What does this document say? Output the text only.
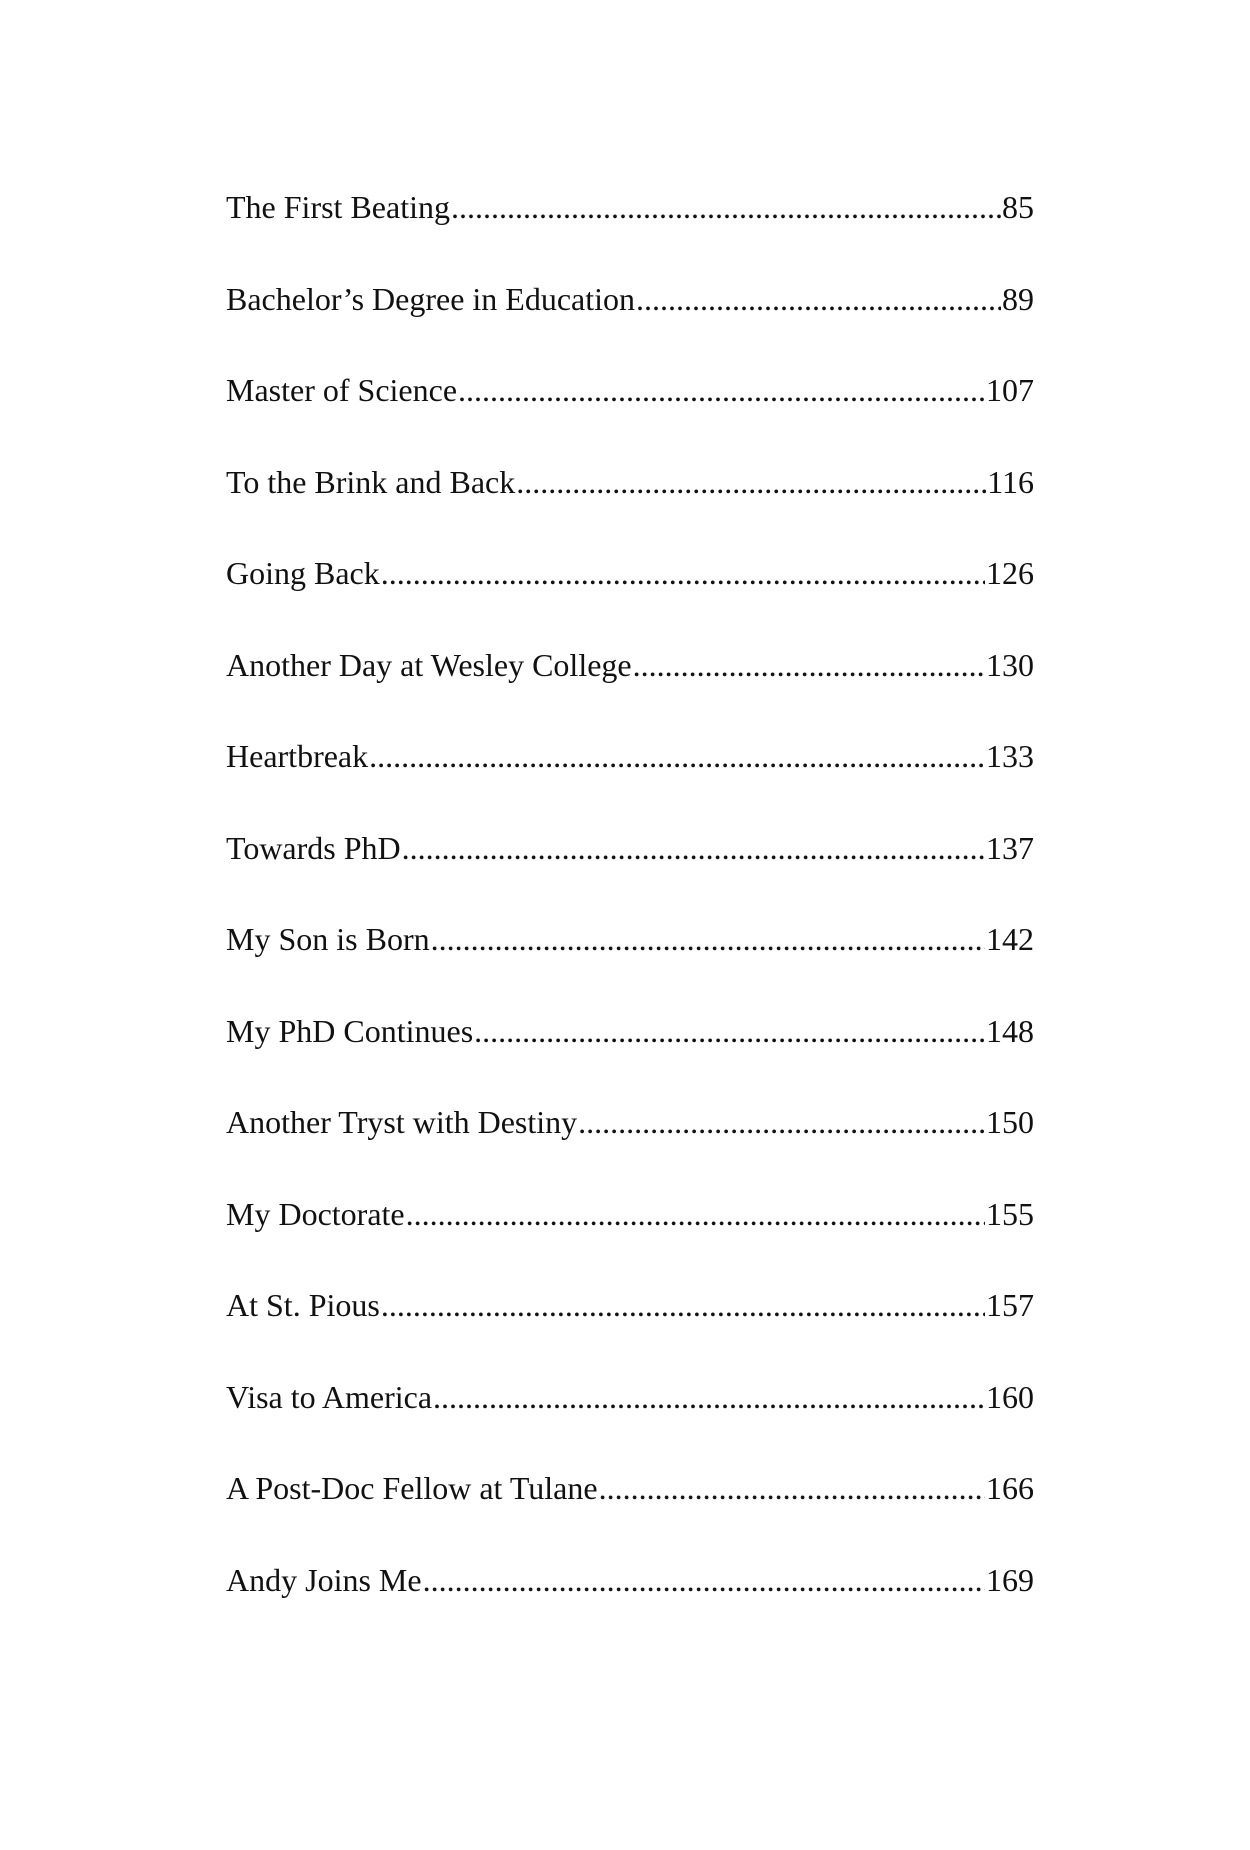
The First Beating .....	85
Bachelor’s Degree in Education .....	89
Master of Science .....	107
To the Brink and Back .....	116
Going Back .....	126
Another Day at Wesley College .....	130
Heartbreak .....	133
Towards PhD .....	137
My Son is Born .....	142
My PhD Continues .....	148
Another Tryst with Destiny .....	150
My Doctorate .....	155
At St. Pious .....	157
Visa to America .....	160
A Post-Doc Fellow at Tulane .....	166
Andy Joins Me .....	169
